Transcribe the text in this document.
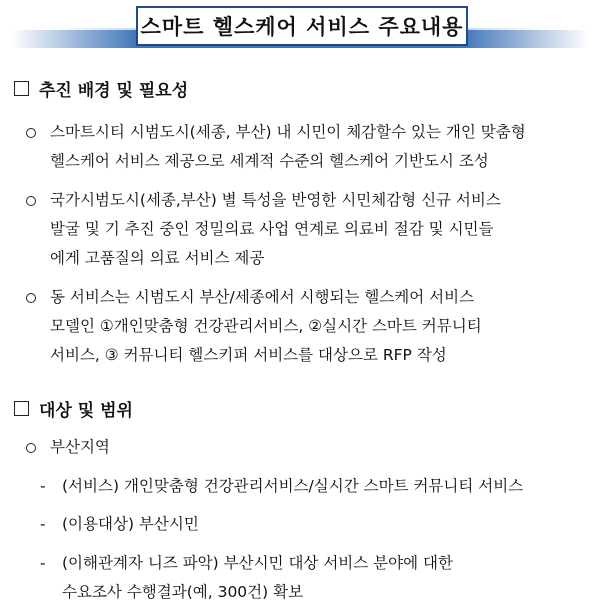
스마트 헬스케어 서비스 주요내용
추진 배경 및 필요성
스마트시티 시범도시(세종, 부산) 내 시민이 체감할수 있는 개인 맞춤형
헬스케어 서비스 제공으로 세계적 수준의 헬스케어 기반도시 조성
국가시범도시(세종,부산) 별 특성을 반영한 시민체감형 신규 서비스
발굴 및 기 추진 중인 정밀의료 사업 연계로 의료비 절감 및 시민들
에게 고품질의 의료 서비스 제공
동 서비스는 시범도시 부산/세종에서 시행되는 헬스케어 서비스
모델인 ①개인맞춤형 건강관리서비스, ②실시간 스마트 커뮤니티
서비스, ③ 커뮤니티 헬스키퍼 서비스를 대상으로 RFP 작성
대상 및 범위
부산지역
- (서비스) 개인맞춤형 건강관리서비스/실시간 스마트 커뮤니티 서비스
- (이용대상) 부산시민
- (이해관계자 니즈 파악) 부산시민 대상 서비스 분야에 대한
수요조사 수행결과(예, 300건) 확보
